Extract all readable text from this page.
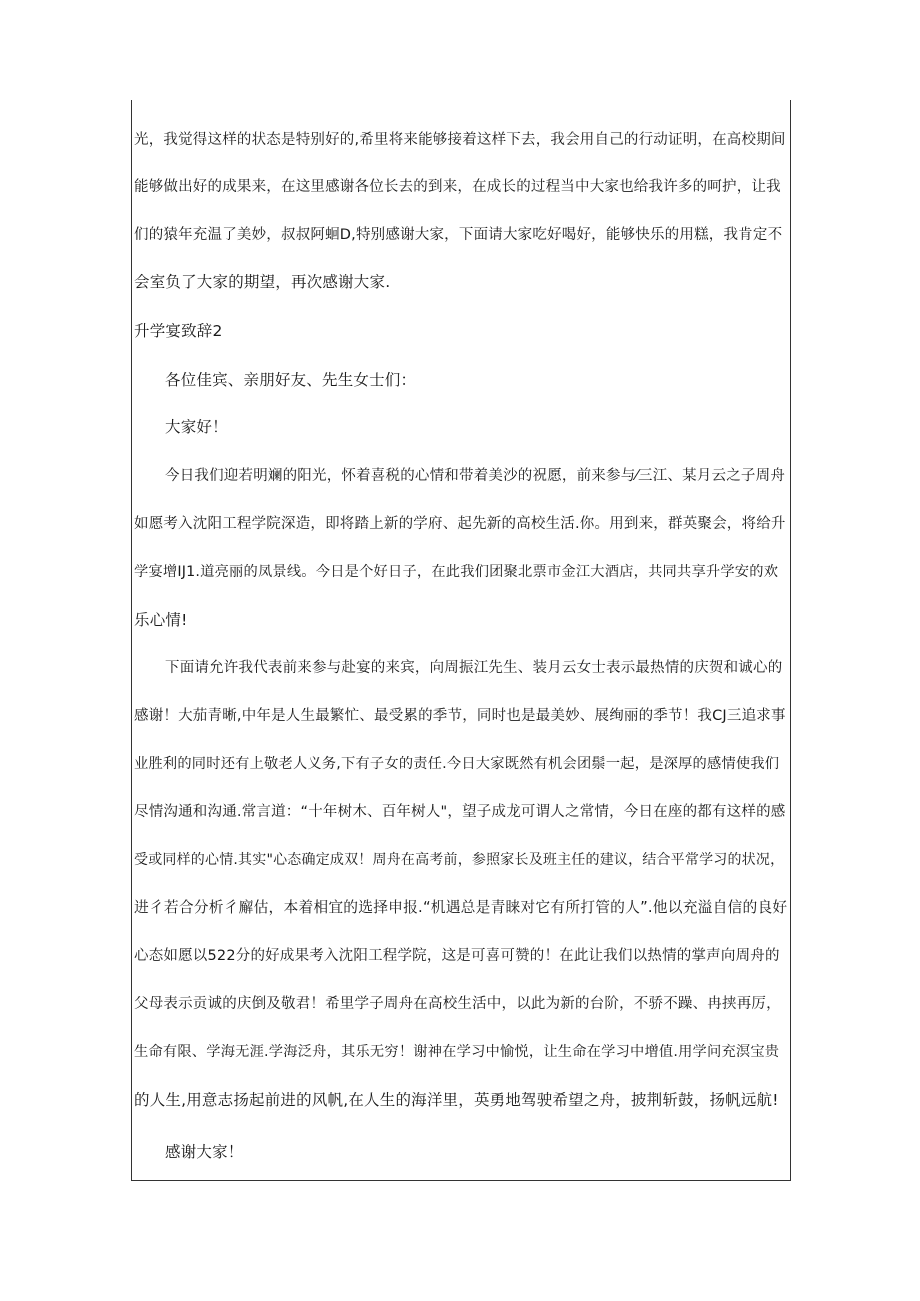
光，我觉得这样的状态是特别好的,希里将来能够接着这样下去，我会用自己的行动证明，在高校期间
能够做出好的成果来，在这里感谢各位长去的到来，在成长的过程当中大家也给我许多的呵护，让我
们的猿年充温了美妙，叔叔阿蛔D,特别感谢大家，下面请大家吃好喝好，能够快乐的用糕，我肯定不
会室负了大家的期望，再次感谢大家.
升学宴致辞2
各位佳宾、亲朋好友、先生女士们：
大家好！
今日我们迎若明斓的阳光，怀着喜税的心情和带着美沙的祝愿，前来参与⁄三江、某月云之子周舟
如愿考入沈阳工程学院深造，即将踏上新的学府、起先新的高校生活.你。用到来，群英聚会，将给升
学宴增IJ1.道亮丽的凤景线。今日是个好日子，在此我们团聚北票市金江大酒店，共同共享升学安的欢
乐心情!
下面请允许我代表前来参与赴宴的来宾，向周振江先生、装月云女士表示最热情的庆贺和诚心的
感谢！大茄青晰,中年是人生最繁忙、最受累的季节，同时也是最美妙、展绚丽的季节！我CJ三追求事
业胜利的同时还有上敬老人义务,下有子女的责任.今日大家既然有机会团鬃一起，是深厚的感情使我们
尽情沟通和沟通.常言道：“十年树木、百年树人"，望子成龙可谓人之常情，今日在座的都有这样的感
受或同样的心情.其实"心态确定成双！周舟在高考前，参照家长及班主任的建议，结合平常学习的状况，
进彳若合分析彳廨估，本着相宜的选择申报.“机遇总是青睐对它有所打管的人”.他以充溢自信的良好
心态如愿以522分的好成果考入沈阳工程学院，这是可喜可赞的！在此让我们以热情的掌声向周舟的
父母表示贡诚的庆倒及敬君！希里学子周舟在高校生活中，以此为新的台阶，不骄不躁、冉挟再厉，
生命有限、学海无涯.学海泛舟，其乐无穷！谢神在学习中愉悦，让生命在学习中增值.用学问充溟宝贵
的人生,用意志扬起前进的风帆,在人生的海洋里，英勇地驾驶希望之舟，披荆斩鼓，扬帆远航!
感谢大家！
